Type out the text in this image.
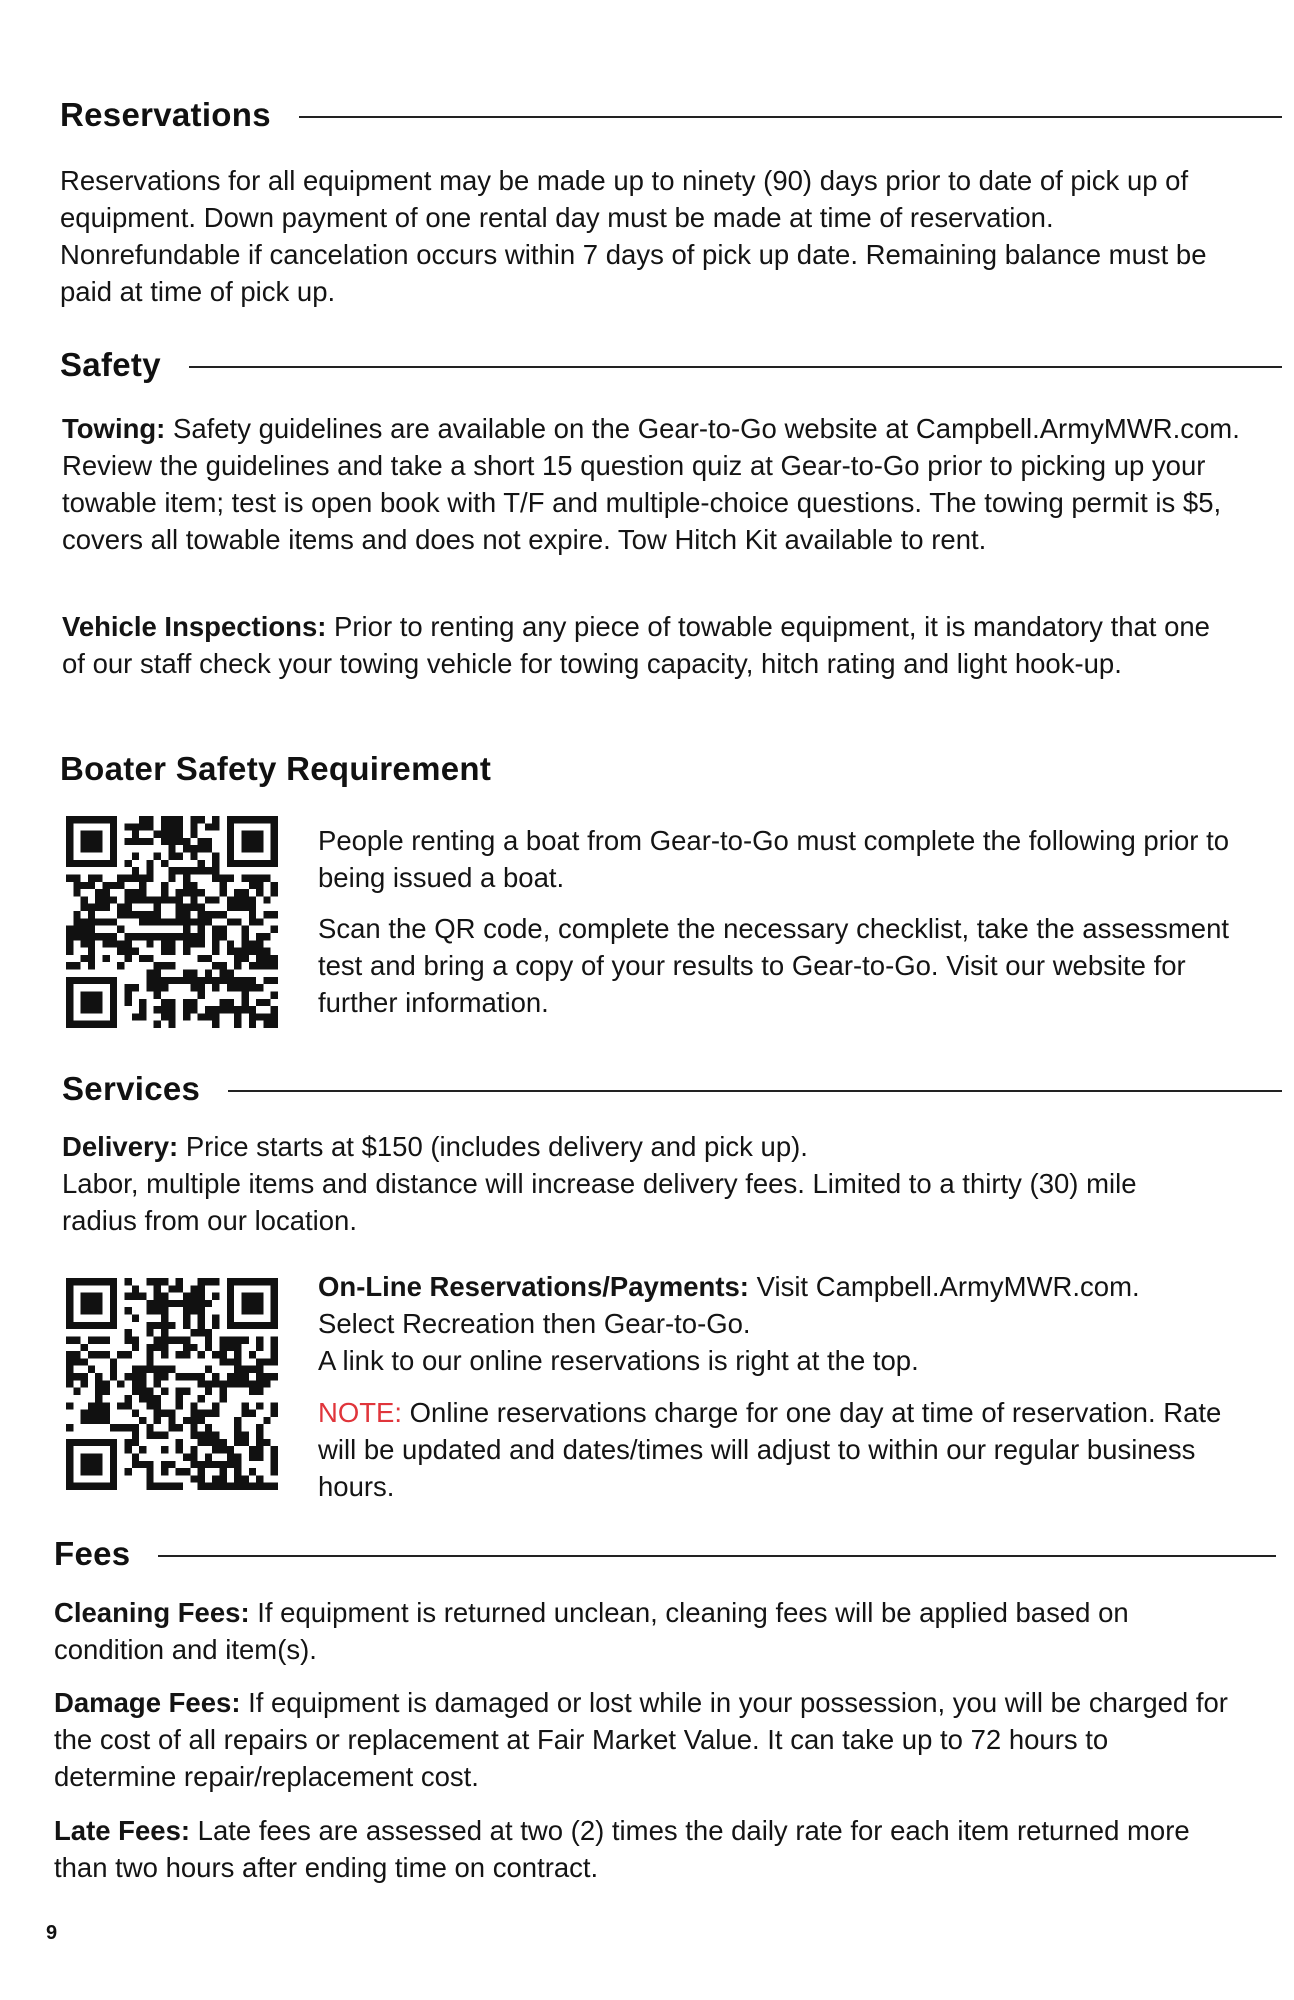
Reservations

Reservations for all equipment may be made up to ninety (90) days prior to date of pick up of equipment. Down payment of one rental day must be made at time of reservation. Nonrefundable if cancelation occurs within 7 days of pick up date. Remaining balance must be paid at time of pick up.

Safety

Towing: Safety guidelines are available on the Gear-to-Go website at Campbell.ArmyMWR.com. Review the guidelines and take a short 15 question quiz at Gear-to-Go prior to picking up your towable item; test is open book with T/F and multiple-choice questions. The towing permit is $5, covers all towable items and does not expire. Tow Hitch Kit available to rent.

Vehicle Inspections: Prior to renting any piece of towable equipment, it is mandatory that one of our staff check your towing vehicle for towing capacity, hitch rating and light hook-up.

Boater Safety Requirement

People renting a boat from Gear-to-Go must complete the following prior to being issued a boat.

Scan the QR code, complete the necessary checklist, take the assessment test and bring a copy of your results to Gear-to-Go. Visit our website for further information.

Services

Delivery: Price starts at $150 (includes delivery and pick up).
Labor, multiple items and distance will increase delivery fees. Limited to a thirty (30) mile radius from our location.

On-Line Reservations/Payments: Visit Campbell.ArmyMWR.com.
Select Recreation then Gear-to-Go.
A link to our online reservations is right at the top.

NOTE: Online reservations charge for one day at time of reservation. Rate will be updated and dates/times will adjust to within our regular business hours.

Fees

Cleaning Fees: If equipment is returned unclean, cleaning fees will be applied based on condition and item(s).

Damage Fees: If equipment is damaged or lost while in your possession, you will be charged for the cost of all repairs or replacement at Fair Market Value. It can take up to 72 hours to determine repair/replacement cost.

Late Fees: Late fees are assessed at two (2) times the daily rate for each item returned more than two hours after ending time on contract.

9
